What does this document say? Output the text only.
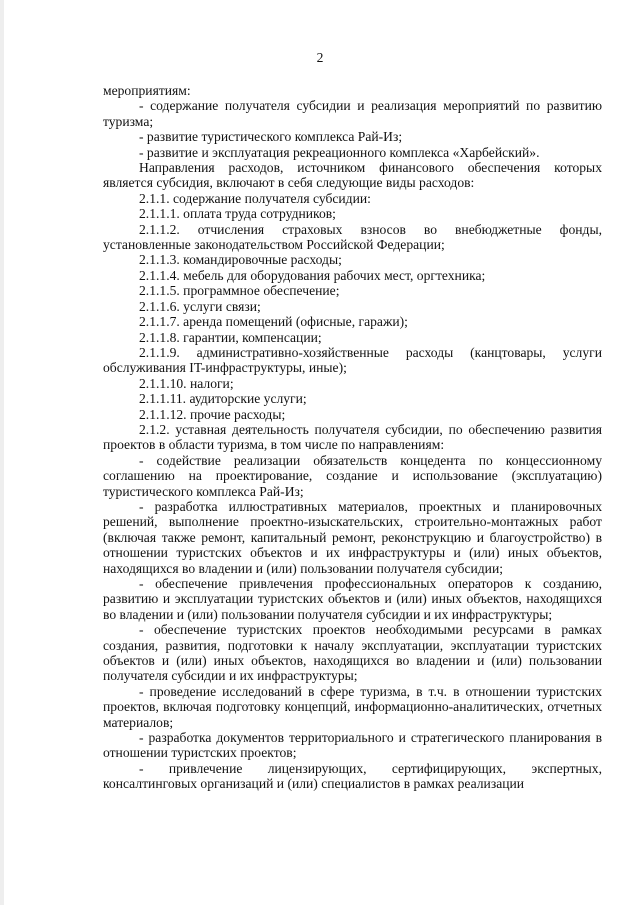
2

мероприятиям:

- содержание получателя субсидии и реализация мероприятий по развитию туризма;

- развитие туристического комплекса Рай-Из;

- развитие и эксплуатация рекреационного комплекса «Харбейский».

Направления расходов, источником финансового обеспечения которых является субсидия, включают в себя следующие виды расходов:

2.1.1. содержание получателя субсидии:

2.1.1.1. оплата труда сотрудников;

2.1.1.2. отчисления страховых взносов во внебюджетные фонды, установленные законодательством Российской Федерации;

2.1.1.3. командировочные расходы;

2.1.1.4. мебель для оборудования рабочих мест, оргтехника;

2.1.1.5. программное обеспечение;

2.1.1.6. услуги связи;

2.1.1.7. аренда помещений (офисные, гаражи);

2.1.1.8. гарантии, компенсации;

2.1.1.9. административно-хозяйственные расходы (канцтовары, услуги обслуживания IT-инфраструктуры, иные);

2.1.1.10. налоги;

2.1.1.11. аудиторские услуги;

2.1.1.12. прочие расходы;

2.1.2. уставная деятельность получателя субсидии, по обеспечению развития проектов в области туризма, в том числе по направлениям:

- содействие реализации обязательств концедента по концессионному соглашению на проектирование, создание и использование (эксплуатацию) туристического комплекса Рай-Из;

- разработка иллюстративных материалов, проектных и планировочных решений, выполнение проектно-изыскательских, строительно-монтажных работ (включая также ремонт, капитальный ремонт, реконструкцию и благоустройство) в отношении туристских объектов и их инфраструктуры и (или) иных объектов, находящихся во владении и (или) пользовании получателя субсидии;

- обеспечение привлечения профессиональных операторов к созданию, развитию и эксплуатации туристских объектов и (или) иных объектов, находящихся во владении и (или) пользовании получателя субсидии и их инфраструктуры;

- обеспечение туристских проектов необходимыми ресурсами в рамках создания, развития, подготовки к началу эксплуатации, эксплуатации туристских объектов и (или) иных объектов, находящихся во владении и (или) пользовании получателя субсидии и их инфраструктуры;

- проведение исследований в сфере туризма, в т.ч. в отношении туристских проектов, включая подготовку концепций, информационно-аналитических, отчетных материалов;

- разработка документов территориального и стратегического планирования в отношении туристских проектов;

- привлечение лицензирующих, сертифицирующих, экспертных, консалтинговых организаций и (или) специалистов в рамках реализации
